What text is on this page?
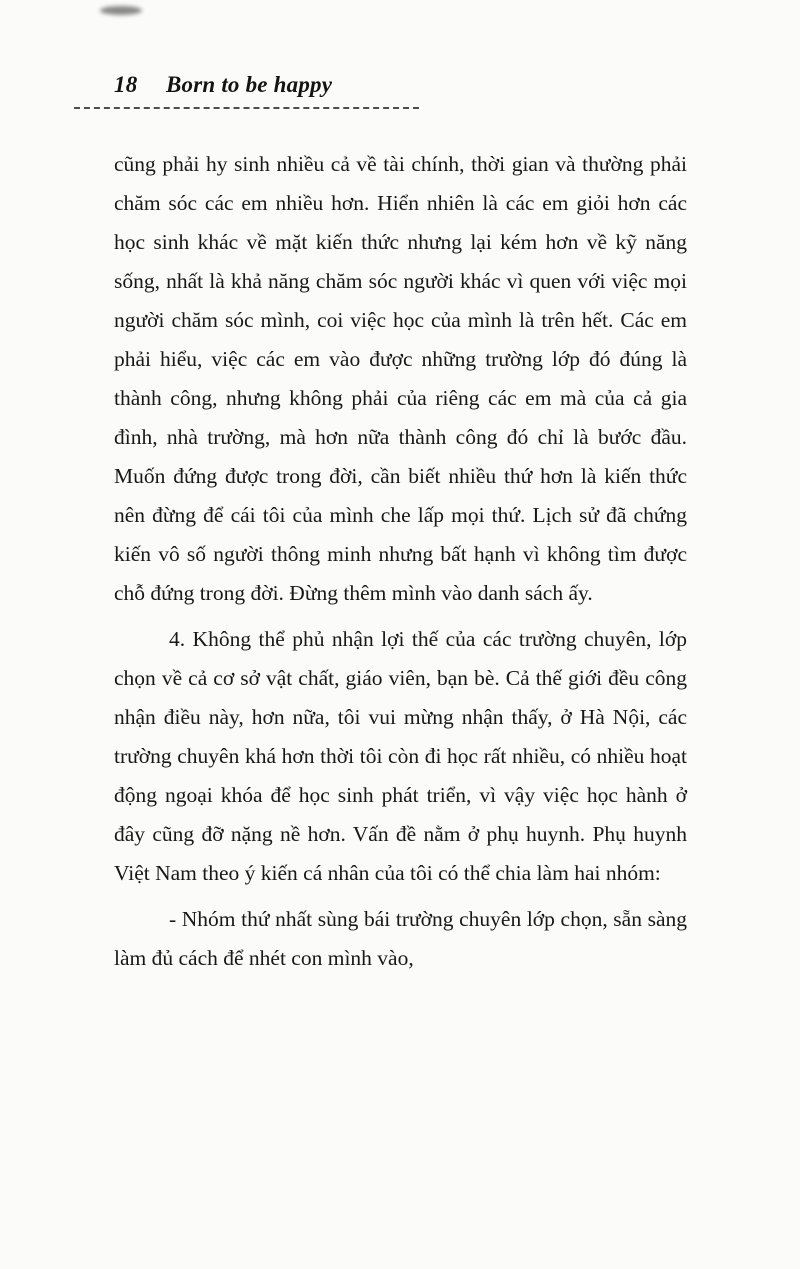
18 Born to be happy

cũng phải hy sinh nhiều cả về tài chính, thời gian và thường phải chăm sóc các em nhiều hơn. Hiển nhiên là các em giỏi hơn các học sinh khác về mặt kiến thức nhưng lại kém hơn về kỹ năng sống, nhất là khả năng chăm sóc người khác vì quen với việc mọi người chăm sóc mình, coi việc học của mình là trên hết. Các em phải hiểu, việc các em vào được những trường lớp đó đúng là thành công, nhưng không phải của riêng các em mà của cả gia đình, nhà trường, mà hơn nữa thành công đó chỉ là bước đầu. Muốn đứng được trong đời, cần biết nhiều thứ hơn là kiến thức nên đừng để cái tôi của mình che lấp mọi thứ. Lịch sử đã chứng kiến vô số người thông minh nhưng bất hạnh vì không tìm được chỗ đứng trong đời. Đừng thêm mình vào danh sách ấy.

4. Không thể phủ nhận lợi thế của các trường chuyên, lớp chọn về cả cơ sở vật chất, giáo viên, bạn bè. Cả thế giới đều công nhận điều này, hơn nữa, tôi vui mừng nhận thấy, ở Hà Nội, các trường chuyên khá hơn thời tôi còn đi học rất nhiều, có nhiều hoạt động ngoại khóa để học sinh phát triển, vì vậy việc học hành ở đây cũng đỡ nặng nề hơn. Vấn đề nằm ở phụ huynh. Phụ huynh Việt Nam theo ý kiến cá nhân của tôi có thể chia làm hai nhóm:

- Nhóm thứ nhất sùng bái trường chuyên lớp chọn, sẵn sàng làm đủ cách để nhét con mình vào,
